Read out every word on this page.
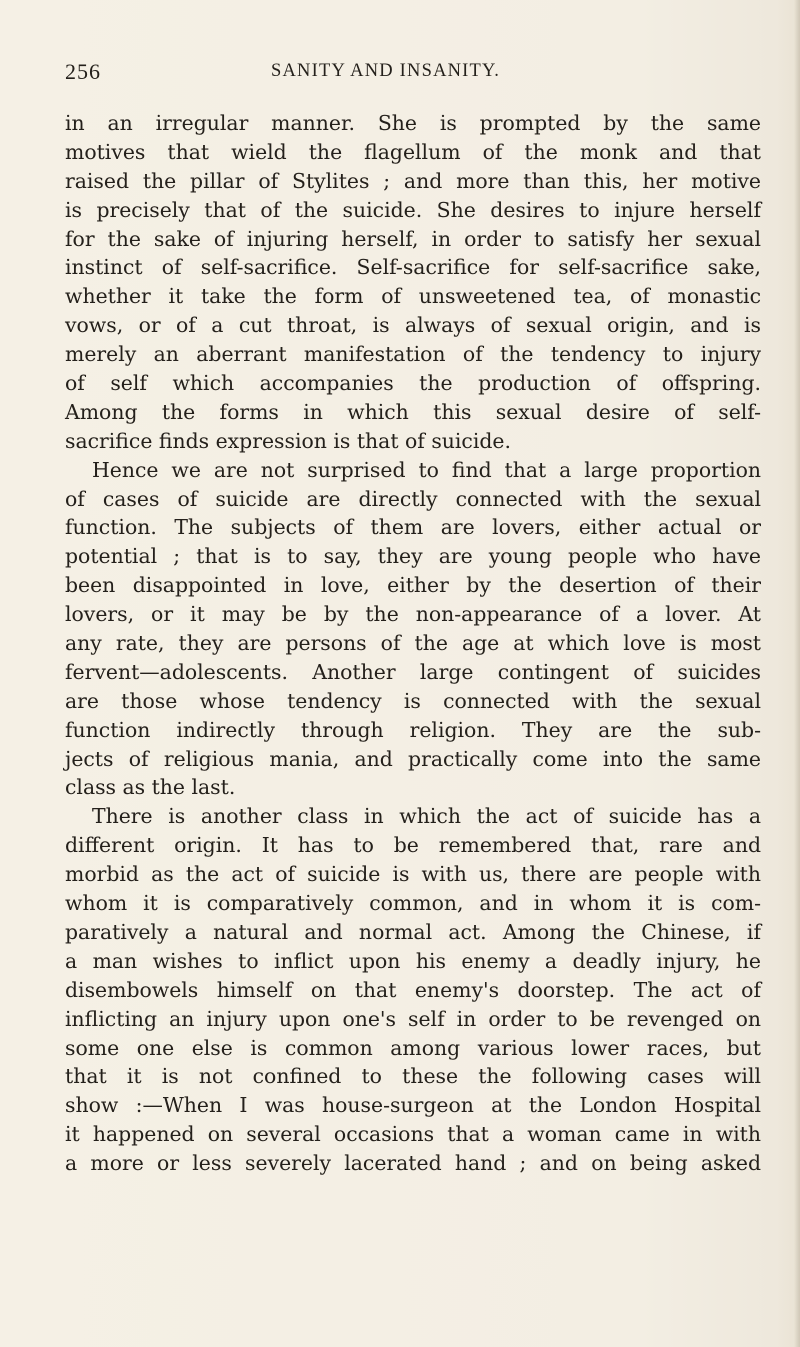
256	SANITY AND INSANITY.
in an irregular manner. She is prompted by the same
motives that wield the flagellum of the monk and that
raised the pillar of Stylites ; and more than this, her motive
is precisely that of the suicide. She desires to injure herself
for the sake of injuring herself, in order to satisfy her sexual
instinct of self-sacrifice. Self-sacrifice for self-sacrifice sake,
whether it take the form of unsweetened tea, of monastic
vows, or of a cut throat, is always of sexual origin, and is
merely an aberrant manifestation of the tendency to injury
of self which accompanies the production of offspring.
Among the forms in which this sexual desire of self-
sacrifice finds expression is that of suicide.
Hence we are not surprised to find that a large proportion
of cases of suicide are directly connected with the sexual
function. The subjects of them are lovers, either actual or
potential ; that is to say, they are young people who have
been disappointed in love, either by the desertion of their
lovers, or it may be by the non-appearance of a lover. At
any rate, they are persons of the age at which love is most
fervent—adolescents. Another large contingent of suicides
are those whose tendency is connected with the sexual
function indirectly through religion. They are the sub-
jects of religious mania, and practically come into the same
class as the last.
There is another class in which the act of suicide has a
different origin. It has to be remembered that, rare and
morbid as the act of suicide is with us, there are people with
whom it is comparatively common, and in whom it is com-
paratively a natural and normal act. Among the Chinese, if
a man wishes to inflict upon his enemy a deadly injury, he
disembowels himself on that enemy's doorstep. The act of
inflicting an injury upon one's self in order to be revenged on
some one else is common among various lower races, but
that it is not confined to these the following cases will
show :—When I was house-surgeon at the London Hospital
it happened on several occasions that a woman came in with
a more or less severely lacerated hand ; and on being asked
